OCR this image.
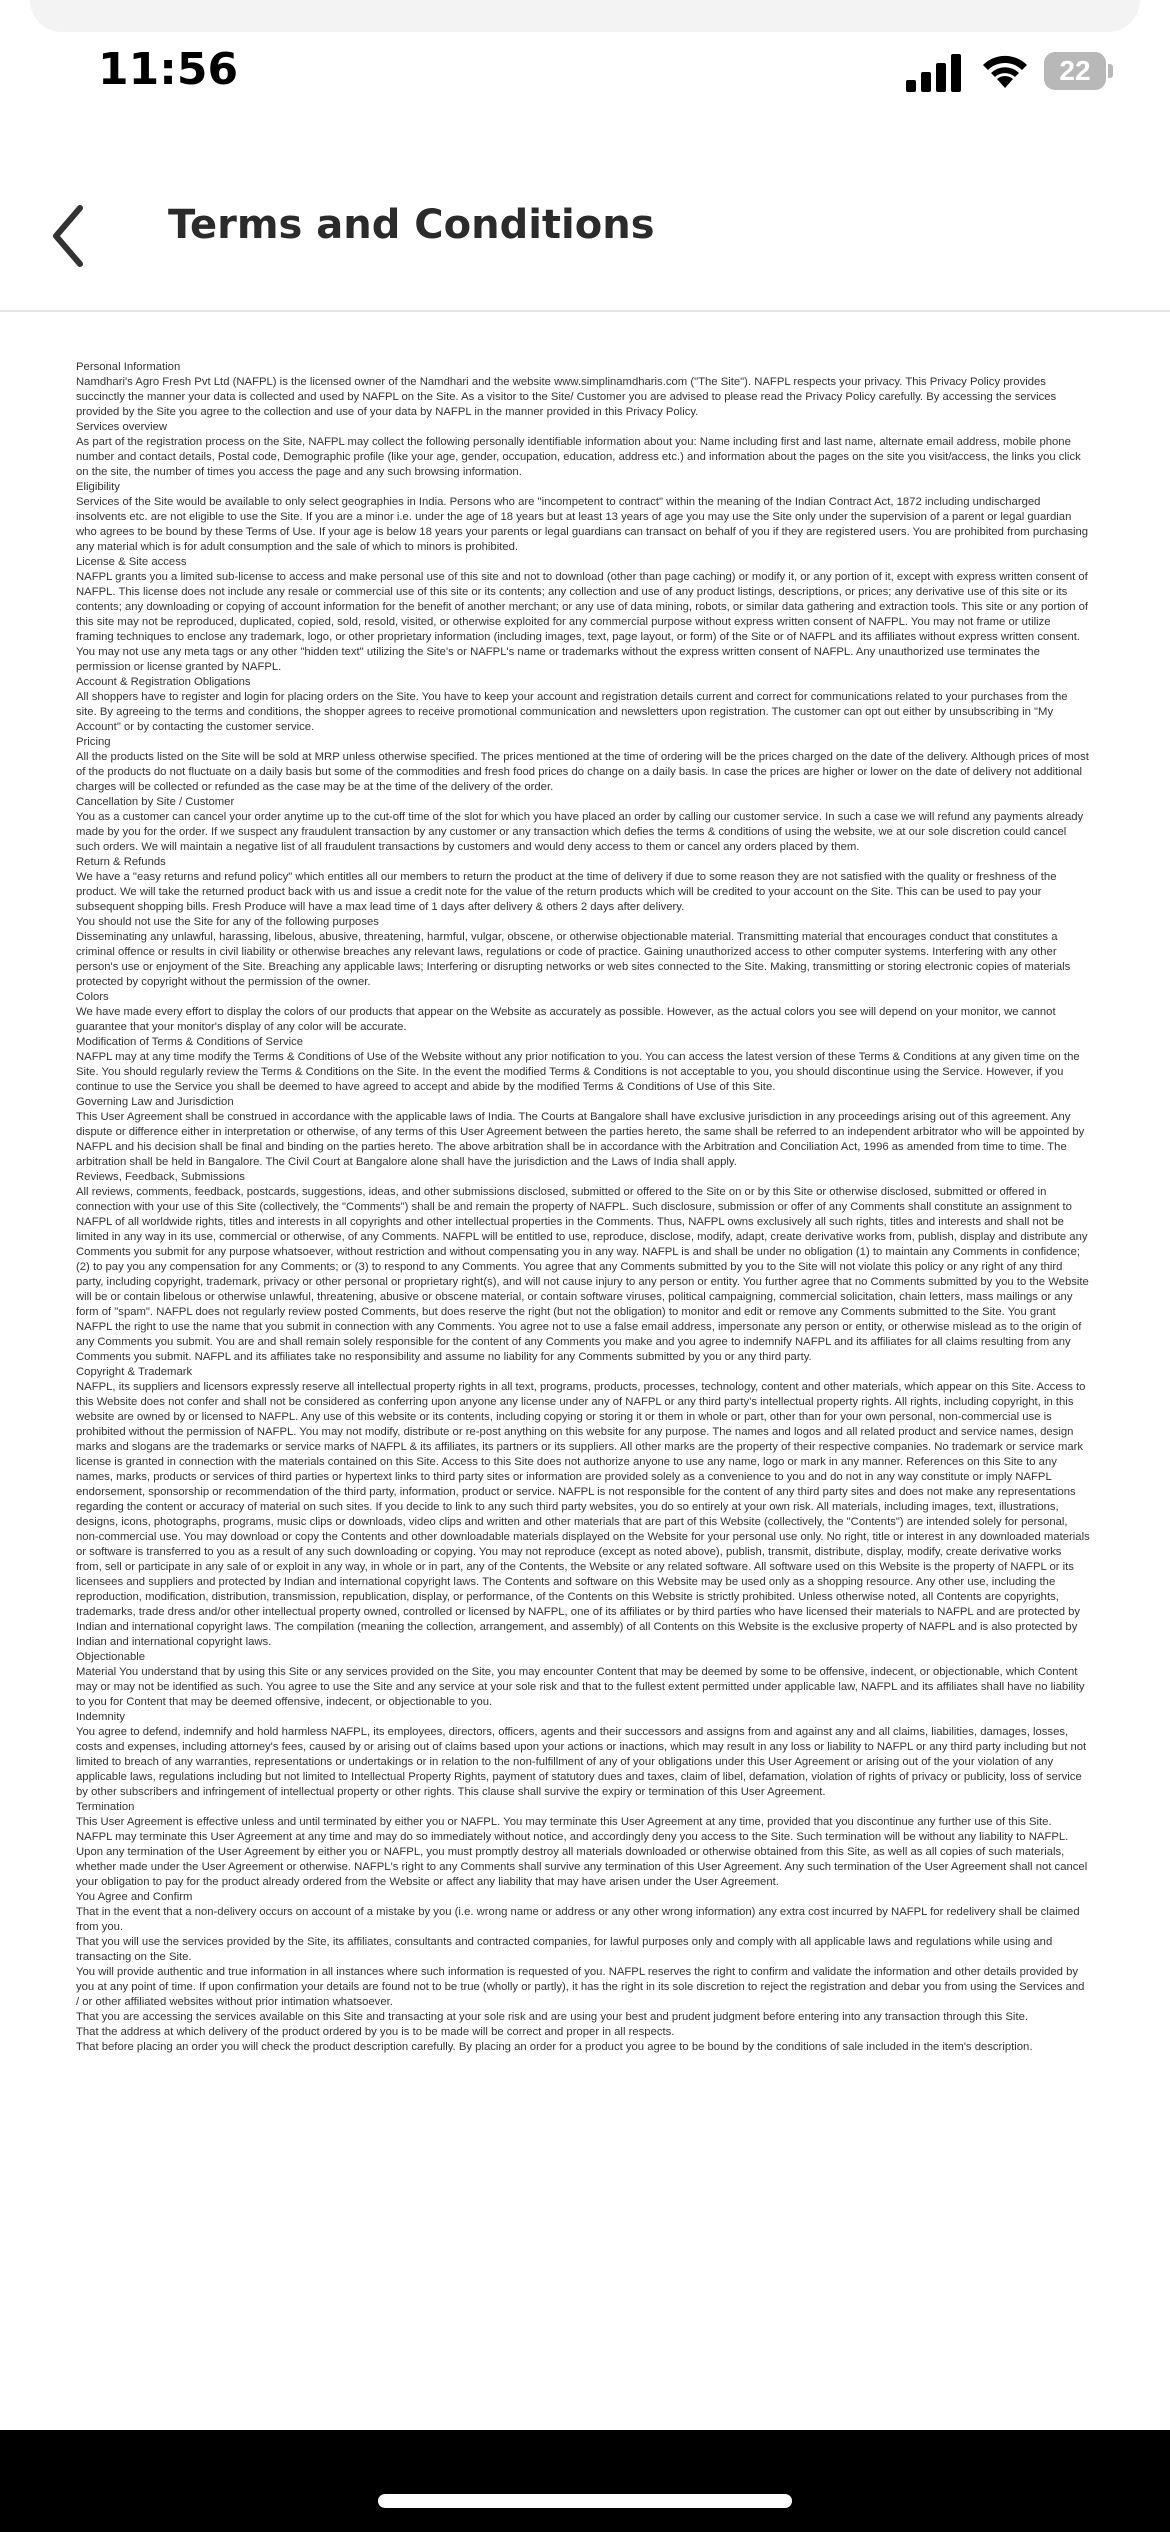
11:56	22
Terms and Conditions

Personal Information

Namdhari's Agro Fresh Pvt Ltd (NAFPL) is the licensed owner of the Namdhari and the website www.simplinamdharis.com ("The Site"). NAFPL respects your privacy. This Privacy Policy provides succinctly the manner your data is collected and used by NAFPL on the Site. As a visitor to the Site/ Customer you are advised to please read the Privacy Policy carefully. By accessing the services provided by the Site you agree to the collection and use of your data by NAFPL in the manner provided in this Privacy Policy.

Services overview

As part of the registration process on the Site, NAFPL may collect the following personally identifiable information about you: Name including first and last name, alternate email address, mobile phone number and contact details, Postal code, Demographic profile (like your age, gender, occupation, education, address etc.) and information about the pages on the site you visit/access, the links you click on the site, the number of times you access the page and any such browsing information.

Eligibility

Services of the Site would be available to only select geographies in India. Persons who are "incompetent to contract" within the meaning of the Indian Contract Act, 1872 including undischarged insolvents etc. are not eligible to use the Site. If you are a minor i.e. under the age of 18 years but at least 13 years of age you may use the Site only under the supervision of a parent or legal guardian who agrees to be bound by these Terms of Use. If your age is below 18 years your parents or legal guardians can transact on behalf of you if they are registered users. You are prohibited from purchasing any material which is for adult consumption and the sale of which to minors is prohibited.

License & Site access

NAFPL grants you a limited sub-license to access and make personal use of this site and not to download (other than page caching) or modify it, or any portion of it, except with express written consent of NAFPL. This license does not include any resale or commercial use of this site or its contents; any collection and use of any product listings, descriptions, or prices; any derivative use of this site or its contents; any downloading or copying of account information for the benefit of another merchant; or any use of data mining, robots, or similar data gathering and extraction tools. This site or any portion of this site may not be reproduced, duplicated, copied, sold, resold, visited, or otherwise exploited for any commercial purpose without express written consent of NAFPL. You may not frame or utilize framing techniques to enclose any trademark, logo, or other proprietary information (including images, text, page layout, or form) of the Site or of NAFPL and its affiliates without express written consent. You may not use any meta tags or any other "hidden text" utilizing the Site's or NAFPL's name or trademarks without the express written consent of NAFPL. Any unauthorized use terminates the permission or license granted by NAFPL.

Account & Registration Obligations

All shoppers have to register and login for placing orders on the Site. You have to keep your account and registration details current and correct for communications related to your purchases from the site. By agreeing to the terms and conditions, the shopper agrees to receive promotional communication and newsletters upon registration. The customer can opt out either by unsubscribing in "My Account" or by contacting the customer service.

Pricing

All the products listed on the Site will be sold at MRP unless otherwise specified. The prices mentioned at the time of ordering will be the prices charged on the date of the delivery. Although prices of most of the products do not fluctuate on a daily basis but some of the commodities and fresh food prices do change on a daily basis. In case the prices are higher or lower on the date of delivery not additional charges will be collected or refunded as the case may be at the time of the delivery of the order.

Cancellation by Site / Customer

You as a customer can cancel your order anytime up to the cut-off time of the slot for which you have placed an order by calling our customer service. In such a case we will refund any payments already made by you for the order. If we suspect any fraudulent transaction by any customer or any transaction which defies the terms & conditions of using the website, we at our sole discretion could cancel such orders. We will maintain a negative list of all fraudulent transactions by customers and would deny access to them or cancel any orders placed by them.

Return & Refunds

We have a "easy returns and refund policy" which entitles all our members to return the product at the time of delivery if due to some reason they are not satisfied with the quality or freshness of the product. We will take the returned product back with us and issue a credit note for the value of the return products which will be credited to your account on the Site. This can be used to pay your subsequent shopping bills. Fresh Produce will have a max lead time of 1 days after delivery & others 2 days after delivery.

You should not use the Site for any of the following purposes

Disseminating any unlawful, harassing, libelous, abusive, threatening, harmful, vulgar, obscene, or otherwise objectionable material. Transmitting material that encourages conduct that constitutes a criminal offence or results in civil liability or otherwise breaches any relevant laws, regulations or code of practice. Gaining unauthorized access to other computer systems. Interfering with any other person's use or enjoyment of the Site. Breaching any applicable laws; Interfering or disrupting networks or web sites connected to the Site. Making, transmitting or storing electronic copies of materials protected by copyright without the permission of the owner.

Colors

We have made every effort to display the colors of our products that appear on the Website as accurately as possible. However, as the actual colors you see will depend on your monitor, we cannot guarantee that your monitor's display of any color will be accurate.

Modification of Terms & Conditions of Service

NAFPL may at any time modify the Terms & Conditions of Use of the Website without any prior notification to you. You can access the latest version of these Terms & Conditions at any given time on the Site. You should regularly review the Terms & Conditions on the Site. In the event the modified Terms & Conditions is not acceptable to you, you should discontinue using the Service. However, if you continue to use the Service you shall be deemed to have agreed to accept and abide by the modified Terms & Conditions of Use of this Site.

Governing Law and Jurisdiction

This User Agreement shall be construed in accordance with the applicable laws of India. The Courts at Bangalore shall have exclusive jurisdiction in any proceedings arising out of this agreement. Any dispute or difference either in interpretation or otherwise, of any terms of this User Agreement between the parties hereto, the same shall be referred to an independent arbitrator who will be appointed by NAFPL and his decision shall be final and binding on the parties hereto. The above arbitration shall be in accordance with the Arbitration and Conciliation Act, 1996 as amended from time to time. The arbitration shall be held in Bangalore. The Civil Court at Bangalore alone shall have the jurisdiction and the Laws of India shall apply.

Reviews, Feedback, Submissions

All reviews, comments, feedback, postcards, suggestions, ideas, and other submissions disclosed, submitted or offered to the Site on or by this Site or otherwise disclosed, submitted or offered in connection with your use of this Site (collectively, the "Comments") shall be and remain the property of NAFPL. Such disclosure, submission or offer of any Comments shall constitute an assignment to NAFPL of all worldwide rights, titles and interests in all copyrights and other intellectual properties in the Comments. Thus, NAFPL owns exclusively all such rights, titles and interests and shall not be limited in any way in its use, commercial or otherwise, of any Comments. NAFPL will be entitled to use, reproduce, disclose, modify, adapt, create derivative works from, publish, display and distribute any Comments you submit for any purpose whatsoever, without restriction and without compensating you in any way. NAFPL is and shall be under no obligation (1) to maintain any Comments in confidence; (2) to pay you any compensation for any Comments; or (3) to respond to any Comments. You agree that any Comments submitted by you to the Site will not violate this policy or any right of any third party, including copyright, trademark, privacy or other personal or proprietary right(s), and will not cause injury to any person or entity. You further agree that no Comments submitted by you to the Website will be or contain libelous or otherwise unlawful, threatening, abusive or obscene material, or contain software viruses, political campaigning, commercial solicitation, chain letters, mass mailings or any form of "spam". NAFPL does not regularly review posted Comments, but does reserve the right (but not the obligation) to monitor and edit or remove any Comments submitted to the Site. You grant NAFPL the right to use the name that you submit in connection with any Comments. You agree not to use a false email address, impersonate any person or entity, or otherwise mislead as to the origin of any Comments you submit. You are and shall remain solely responsible for the content of any Comments you make and you agree to indemnify NAFPL and its affiliates for all claims resulting from any Comments you submit. NAFPL and its affiliates take no responsibility and assume no liability for any Comments submitted by you or any third party.

Copyright & Trademark

NAFPL, its suppliers and licensors expressly reserve all intellectual property rights in all text, programs, products, processes, technology, content and other materials, which appear on this Site. Access to this Website does not confer and shall not be considered as conferring upon anyone any license under any of NAFPL or any third party's intellectual property rights. All rights, including copyright, in this website are owned by or licensed to NAFPL. Any use of this website or its contents, including copying or storing it or them in whole or part, other than for your own personal, non-commercial use is prohibited without the permission of NAFPL. You may not modify, distribute or re-post anything on this website for any purpose. The names and logos and all related product and service names, design marks and slogans are the trademarks or service marks of NAFPL & its affiliates, its partners or its suppliers. All other marks are the property of their respective companies. No trademark or service mark license is granted in connection with the materials contained on this Site. Access to this Site does not authorize anyone to use any name, logo or mark in any manner. References on this Site to any names, marks, products or services of third parties or hypertext links to third party sites or information are provided solely as a convenience to you and do not in any way constitute or imply NAFPL endorsement, sponsorship or recommendation of the third party, information, product or service. NAFPL is not responsible for the content of any third party sites and does not make any representations regarding the content or accuracy of material on such sites. If you decide to link to any such third party websites, you do so entirely at your own risk. All materials, including images, text, illustrations, designs, icons, photographs, programs, music clips or downloads, video clips and written and other materials that are part of this Website (collectively, the "Contents") are intended solely for personal, non-commercial use. You may download or copy the Contents and other downloadable materials displayed on the Website for your personal use only. No right, title or interest in any downloaded materials or software is transferred to you as a result of any such downloading or copying. You may not reproduce (except as noted above), publish, transmit, distribute, display, modify, create derivative works from, sell or participate in any sale of or exploit in any way, in whole or in part, any of the Contents, the Website or any related software. All software used on this Website is the property of NAFPL or its licensees and suppliers and protected by Indian and international copyright laws. The Contents and software on this Website may be used only as a shopping resource. Any other use, including the reproduction, modification, distribution, transmission, republication, display, or performance, of the Contents on this Website is strictly prohibited. Unless otherwise noted, all Contents are copyrights, trademarks, trade dress and/or other intellectual property owned, controlled or licensed by NAFPL, one of its affiliates or by third parties who have licensed their materials to NAFPL and are protected by Indian and international copyright laws. The compilation (meaning the collection, arrangement, and assembly) of all Contents on this Website is the exclusive property of NAFPL and is also protected by Indian and international copyright laws.

Objectionable

Material You understand that by using this Site or any services provided on the Site, you may encounter Content that may be deemed by some to be offensive, indecent, or objectionable, which Content may or may not be identified as such. You agree to use the Site and any service at your sole risk and that to the fullest extent permitted under applicable law, NAFPL and its affiliates shall have no liability to you for Content that may be deemed offensive, indecent, or objectionable to you.

Indemnity

You agree to defend, indemnify and hold harmless NAFPL, its employees, directors, officers, agents and their successors and assigns from and against any and all claims, liabilities, damages, losses, costs and expenses, including attorney's fees, caused by or arising out of claims based upon your actions or inactions, which may result in any loss or liability to NAFPL or any third party including but not limited to breach of any warranties, representations or undertakings or in relation to the non-fulfillment of any of your obligations under this User Agreement or arising out of the your violation of any applicable laws, regulations including but not limited to Intellectual Property Rights, payment of statutory dues and taxes, claim of libel, defamation, violation of rights of privacy or publicity, loss of service by other subscribers and infringement of intellectual property or other rights. This clause shall survive the expiry or termination of this User Agreement.

Termination

This User Agreement is effective unless and until terminated by either you or NAFPL. You may terminate this User Agreement at any time, provided that you discontinue any further use of this Site. NAFPL may terminate this User Agreement at any time and may do so immediately without notice, and accordingly deny you access to the Site. Such termination will be without any liability to NAFPL. Upon any termination of the User Agreement by either you or NAFPL, you must promptly destroy all materials downloaded or otherwise obtained from this Site, as well as all copies of such materials, whether made under the User Agreement or otherwise. NAFPL's right to any Comments shall survive any termination of this User Agreement. Any such termination of the User Agreement shall not cancel your obligation to pay for the product already ordered from the Website or affect any liability that may have arisen under the User Agreement.

You Agree and Confirm

That in the event that a non-delivery occurs on account of a mistake by you (i.e. wrong name or address or any other wrong information) any extra cost incurred by NAFPL for redelivery shall be claimed from you.

That you will use the services provided by the Site, its affiliates, consultants and contracted companies, for lawful purposes only and comply with all applicable laws and regulations while using and transacting on the Site.

You will provide authentic and true information in all instances where such information is requested of you. NAFPL reserves the right to confirm and validate the information and other details provided by you at any point of time. If upon confirmation your details are found not to be true (wholly or partly), it has the right in its sole discretion to reject the registration and debar you from using the Services and / or other affiliated websites without prior intimation whatsoever.

That you are accessing the services available on this Site and transacting at your sole risk and are using your best and prudent judgment before entering into any transaction through this Site.

That the address at which delivery of the product ordered by you is to be made will be correct and proper in all respects.

That before placing an order you will check the product description carefully. By placing an order for a product you agree to be bound by the conditions of sale included in the item's description.
